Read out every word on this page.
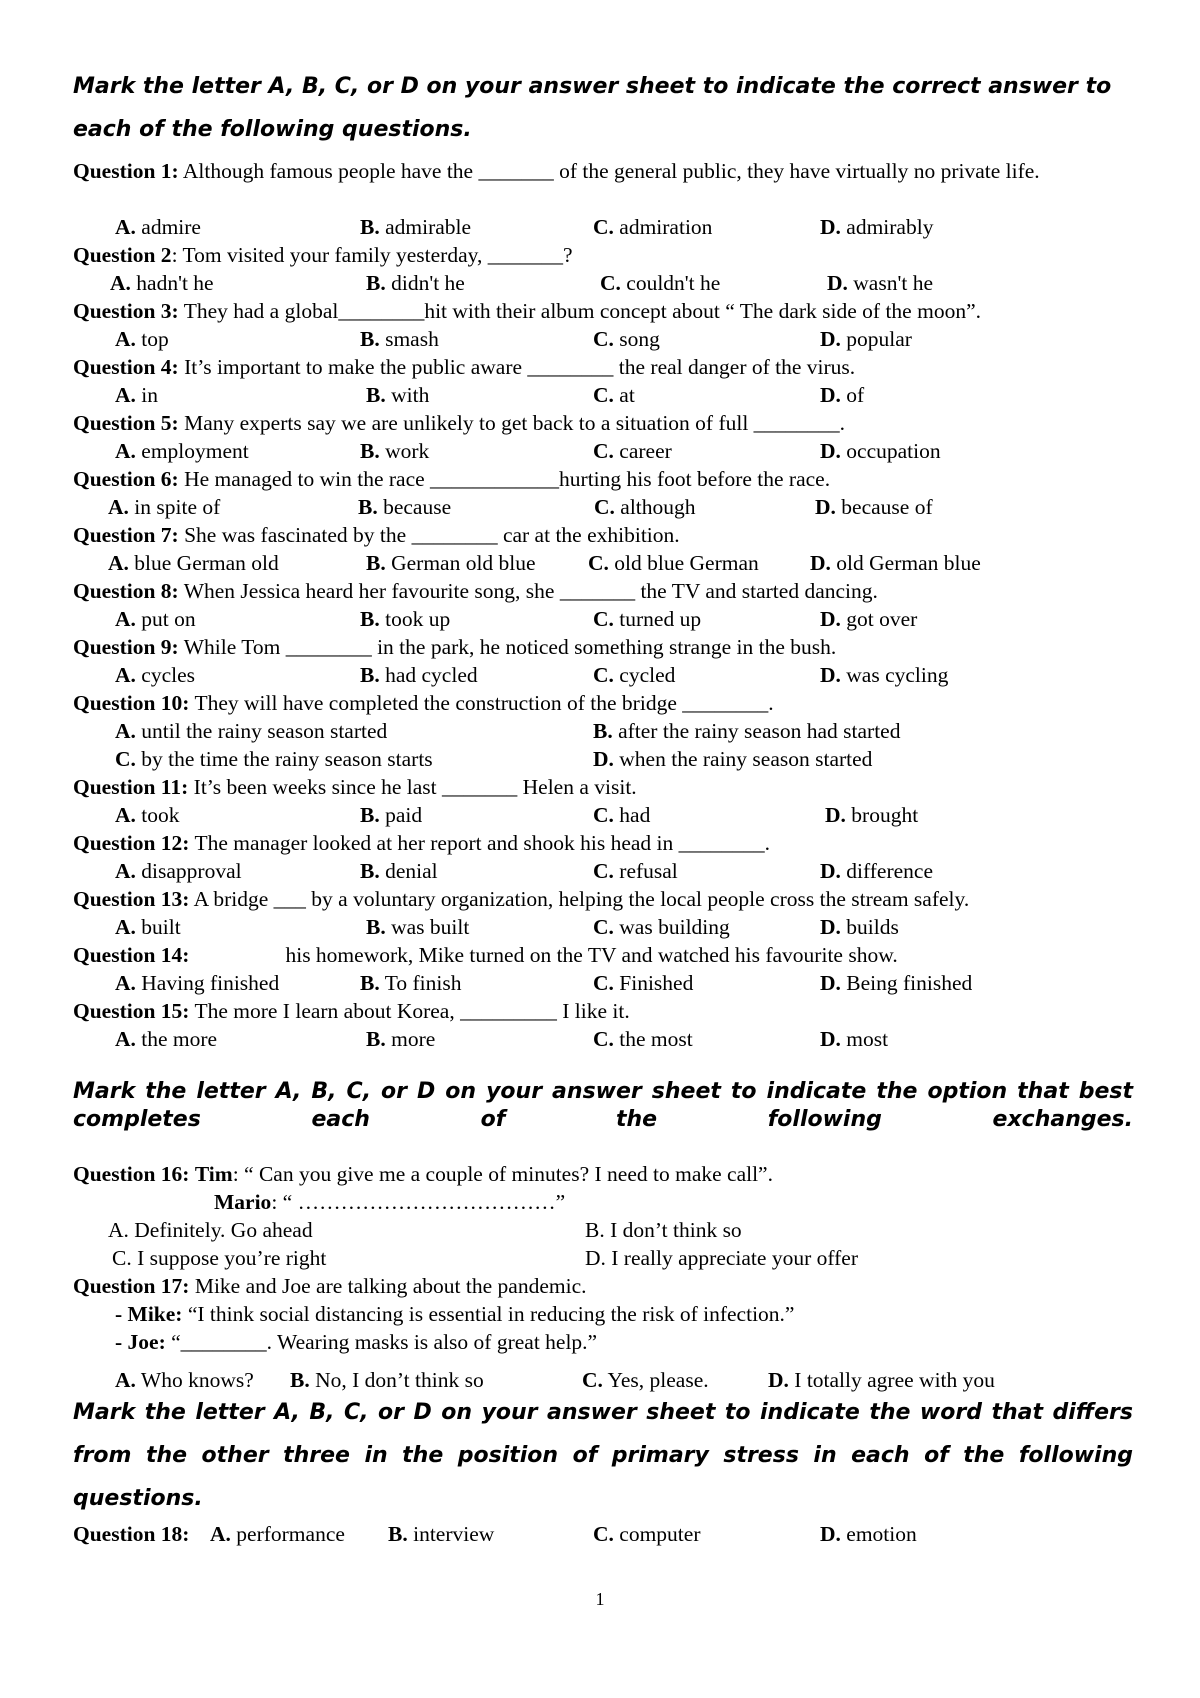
Mark the letter A, B, C, or D on your answer sheet to indicate the correct answer to each of the following questions.

Question 1: Although famous people have the _______ of the general public, they have virtually no private life.
A. admire	B. admirable	C. admiration	D. admirably
Question 2: Tom visited your family yesterday, _______?
A. hadn't he	B. didn't he	C. couldn't he	D. wasn't he
Question 3: They had a global________hit with their album concept about “ The dark side of the moon”.
A. top	B. smash	C. song	D. popular
Question 4: It’s important to make the public aware ________ the real danger of the virus.
A. in	B. with	C. at	D. of
Question 5: Many experts say we are unlikely to get back to a situation of full ________.
A. employment	B. work	C. career	D. occupation
Question 6: He managed to win the race ____________hurting his foot before the race.
A. in spite of	B. because	C. although	D. because of
Question 7: She was fascinated by the ________ car at the exhibition.
A. blue German old	B. German old blue C. old blue German D. old German blue
Question 8: When Jessica heard her favourite song, she _______ the TV and started dancing.
A. put on	B. took up	C. turned up	D. got over
Question 9: While Tom ________ in the park, he noticed something strange in the bush.
A. cycles	B. had cycled	C. cycled	D. was cycling
Question 10: They will have completed the construction of the bridge ________.
A. until the rainy season started	B. after the rainy season had started
C. by the time the rainy season starts	D. when the rainy season started
Question 11: It’s been weeks since he last _______ Helen a visit.
A. took	B. paid	C. had	D. brought
Question 12: The manager looked at her report and shook his head in ________.
A. disapproval	B. denial	C. refusal	D. difference
Question 13: A bridge ___ by a voluntary organization, helping the local people cross the stream safely.
A. built	B. was built	C. was building	D. builds
Question 14:	his homework, Mike turned on the TV and watched his favourite show.
A. Having finished	B. To finish	C. Finished	D. Being finished
Question 15: The more I learn about Korea, _________ I like it.
A. the more	B. more	C. the most	D. most

Mark the letter A, B, C, or D on your answer sheet to indicate the option that best completes each of the following exchanges.

Question 16: Tim: “ Can you give me a couple of minutes? I need to make call”.
Mario: “ ………………………………”
A. Definitely. Go ahead	B. I don’t think so
C. I suppose you’re right	D. I really appreciate your offer
Question 17: Mike and Joe are talking about the pandemic.
- Mike: “I think social distancing is essential in reducing the risk of infection.”
- Joe: “________. Wearing masks is also of great help.”
A. Who knows? B. No, I don’t think so	C. Yes, please.	D. I totally agree with you

Mark the letter A, B, C, or D on your answer sheet to indicate the word that differs from the other three in the position of primary stress in each of the following questions.

Question 18: A. performance B. interview	C. computer	D. emotion
1
